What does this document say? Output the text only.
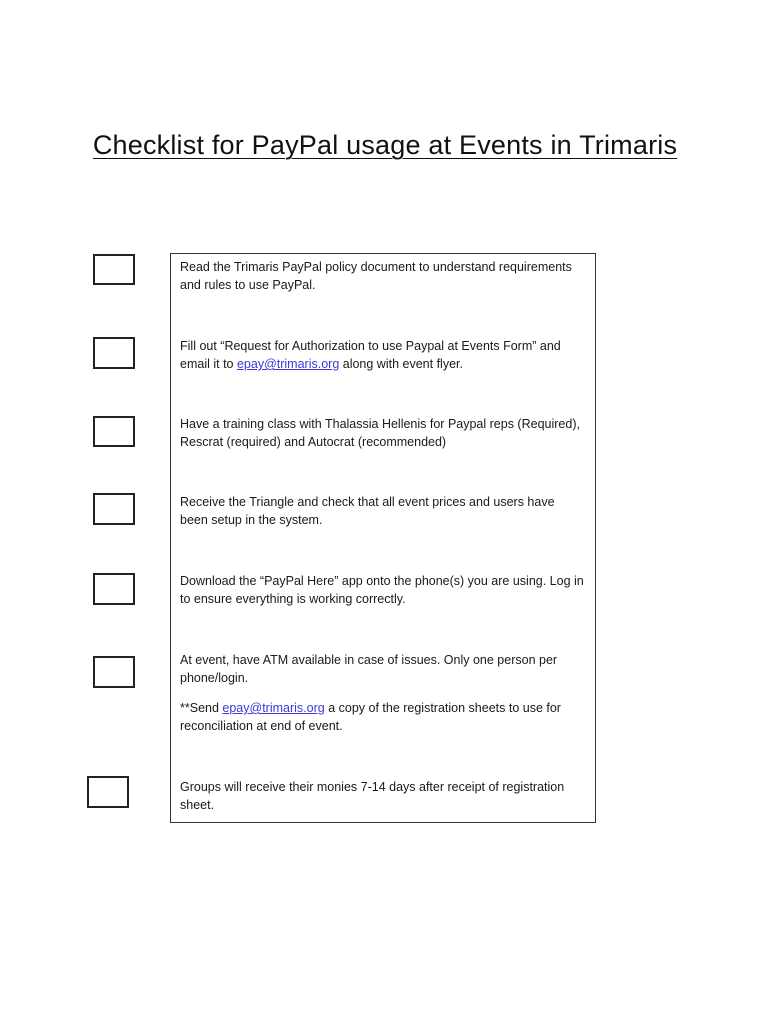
Checklist for PayPal usage at Events in Trimaris

Read the Trimaris PayPal policy document to understand requirements and rules to use PayPal.

Fill out “Request for Authorization to use Paypal at Events Form” and email it to epay@trimaris.org along with event flyer.

Have a training class with Thalassia Hellenis for Paypal reps (Required), Rescrat (required) and Autocrat (recommended)

Receive the Triangle and check that all event prices and users have been setup in the system.

Download the “PayPal Here” app onto the phone(s) you are using. Log in to ensure everything is working correctly.

At event, have ATM available in case of issues. Only one person per phone/login.

**Send epay@trimaris.org a copy of the registration sheets to use for reconciliation at end of event.

Groups will receive their monies 7-14 days after receipt of registration sheet.
